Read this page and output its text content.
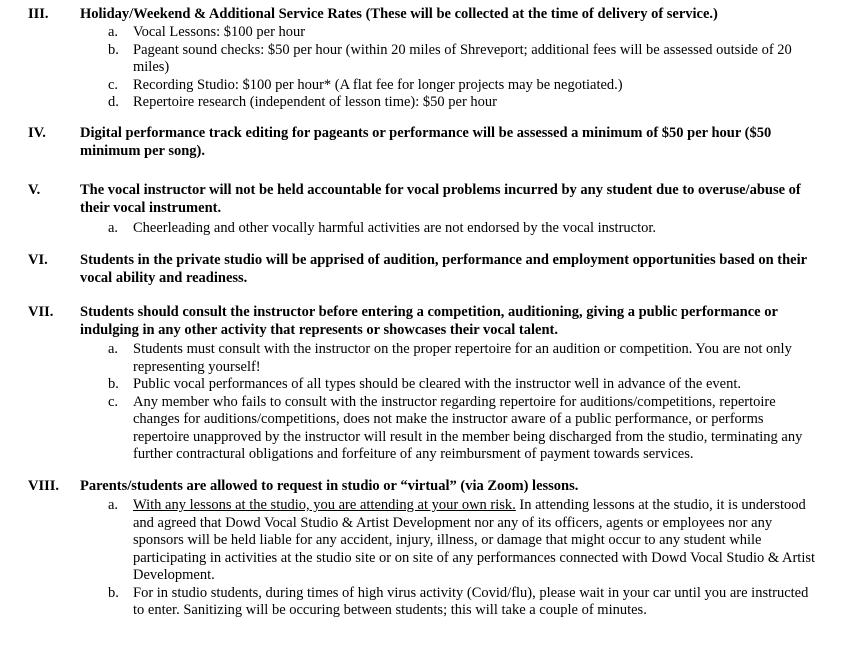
III. Holiday/Weekend & Additional Service Rates (These will be collected at the time of delivery of service.)
a. Vocal Lessons: $100 per hour
b. Pageant sound checks: $50 per hour (within 20 miles of Shreveport; additional fees will be assessed outside of 20 miles)
c. Recording Studio: $100 per hour* (A flat fee for longer projects may be negotiated.)
d. Repertoire research (independent of lesson time): $50 per hour
IV. Digital performance track editing for pageants or performance will be assessed a minimum of $50 per hour ($50 minimum per song).
V.	The vocal instructor will not be held accountable for vocal problems incurred by any student due to overuse/abuse of their vocal instrument.
a. Cheerleading and other vocally harmful activities are not endorsed by the vocal instructor.
VI. Students in the private studio will be apprised of audition, performance and employment opportunities based on their vocal ability and readiness.
VII. Students should consult the instructor before entering a competition, auditioning, giving a public performance or indulging in any other activity that represents or showcases their vocal talent.
a. Students must consult with the instructor on the proper repertoire for an audition or competition. You are not only representing yourself!
b. Public vocal performances of all types should be cleared with the instructor well in advance of the event.
c. Any member who fails to consult with the instructor regarding repertoire for auditions/competitions, repertoire changes for auditions/competitions, does not make the instructor aware of a public performance, or performs repertoire unapproved by the instructor will result in the member being discharged from the studio, terminating any further contractural obligations and forfeiture of any reimbursment of payment towards services.
VIII. Parents/students are allowed to request in studio or “virtual” (via Zoom) lessons.
a. With any lessons at the studio, you are attending at your own risk. In attending lessons at the studio, it is understood and agreed that Dowd Vocal Studio & Artist Development nor any of its officers, agents or employees nor any sponsors will be held liable for any accident, injury, illness, or damage that might occur to any student while participating in activities at the studio site or on site of any performances connected with Dowd Vocal Studio & Artist Development.
b. For in studio students, during times of high virus activity (Covid/flu), please wait in your car until you are instructed to enter. Sanitizing will be occuring between students; this will take a couple of minutes.
